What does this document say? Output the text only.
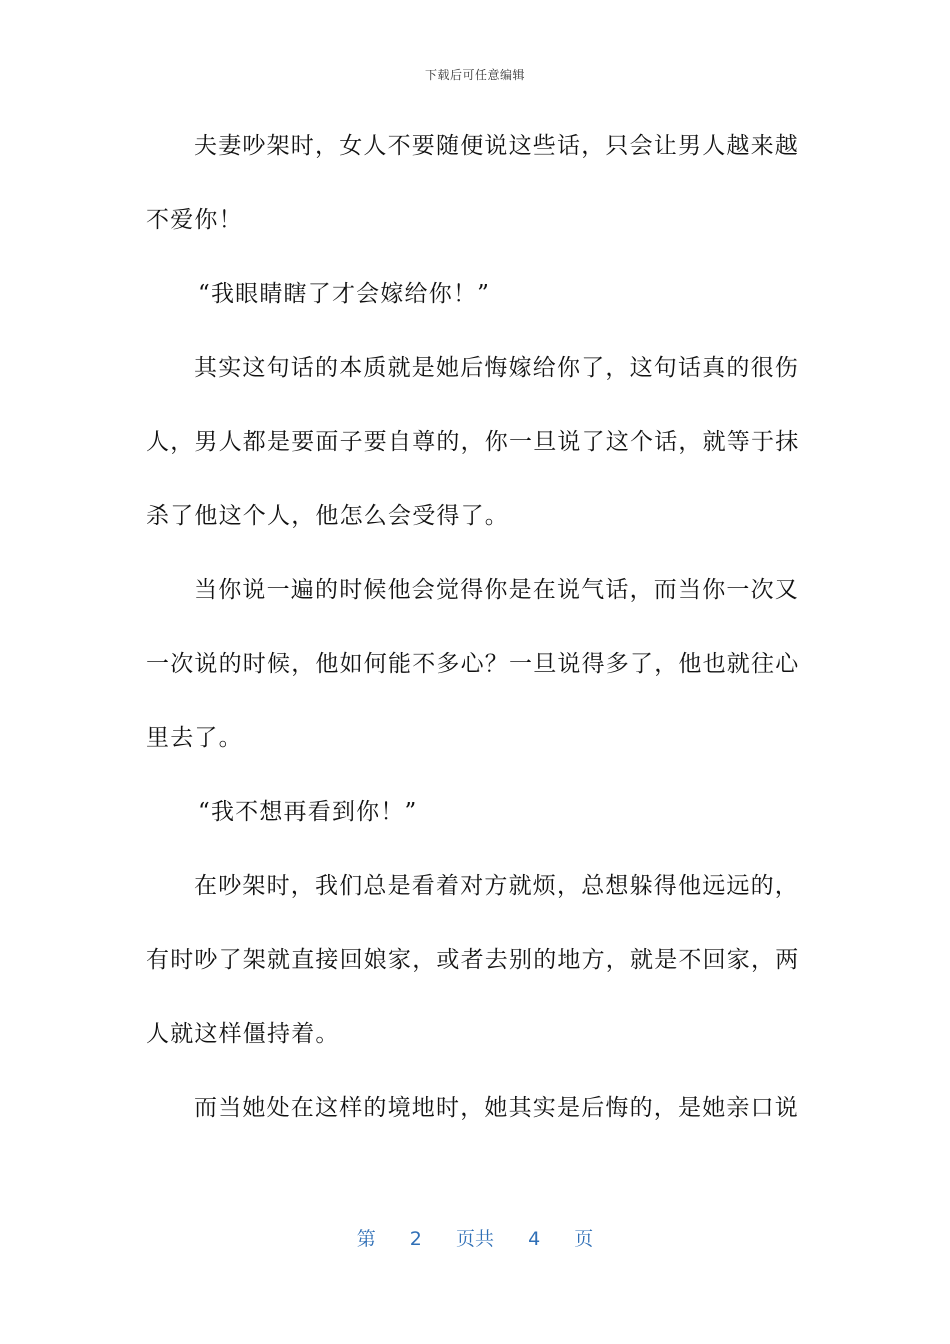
下载后可任意编辑
夫妻吵架时，女人不要随便说这些话，只会让男人越来越
不爱你！
“我眼睛瞎了才会嫁给你！”
其实这句话的本质就是她后悔嫁给你了，这句话真的很伤
人，男人都是要面子要自尊的，你一旦说了这个话，就等于抹
杀了他这个人，他怎么会受得了。
当你说一遍的时候他会觉得你是在说气话，而当你一次又
一次说的时候，他如何能不多心？一旦说得多了，他也就往心
里去了。
“我不想再看到你！”
在吵架时，我们总是看着对方就烦，总想躲得他远远的，
有时吵了架就直接回娘家，或者去别的地方，就是不回家，两
人就这样僵持着。
而当她处在这样的境地时，她其实是后悔的，是她亲口说
第 2 页共 4 页
